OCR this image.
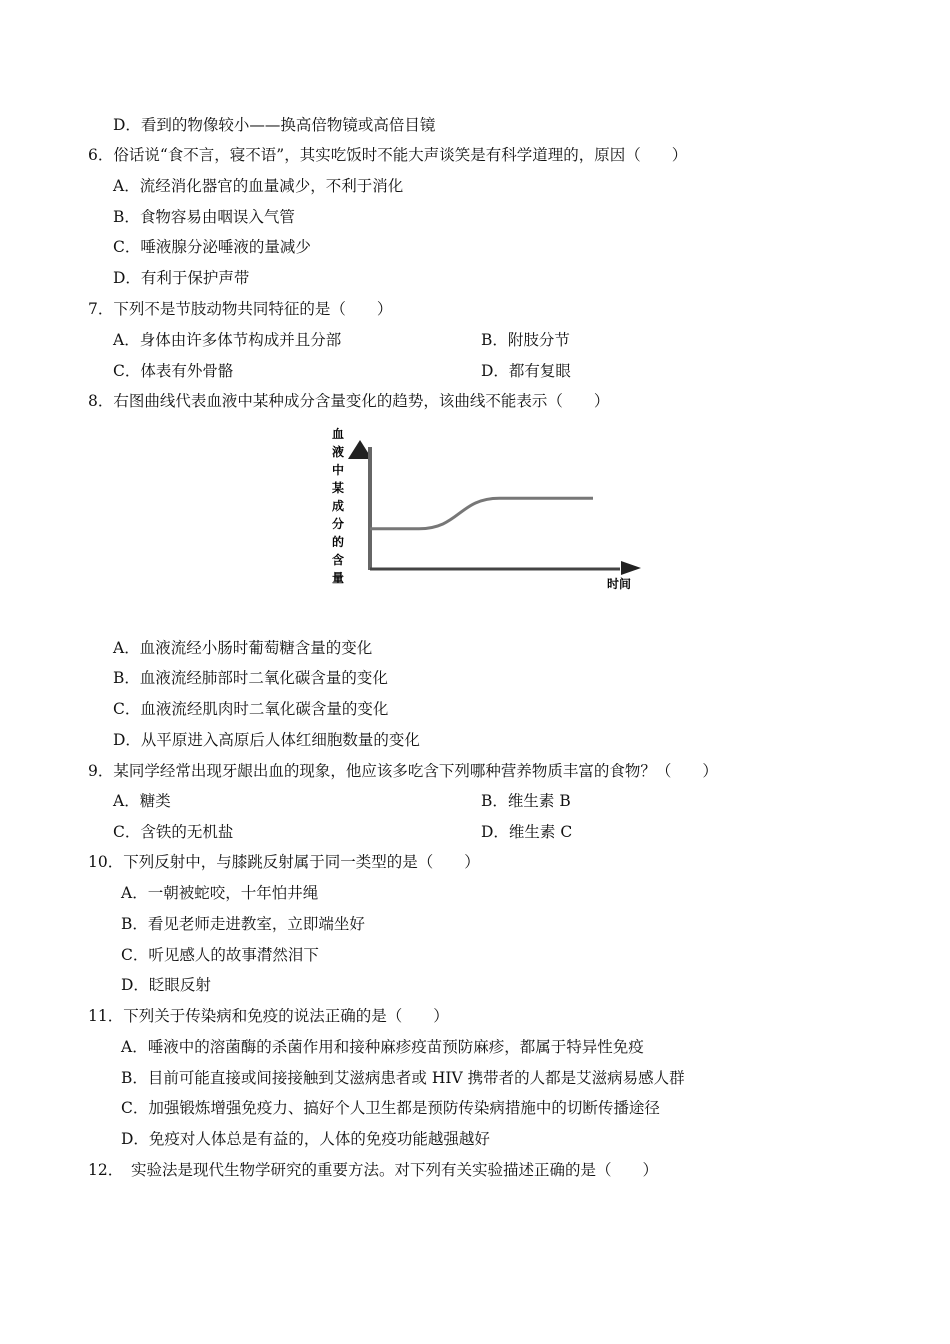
D．看到的物像较小——换高倍物镜或高倍目镜
6．俗话说“食不言，寝不语”，其实吃饭时不能大声谈笑是有科学道理的，原因（　　）
A．流经消化器官的血量减少，不利于消化
B．食物容易由咽误入气管
C．唾液腺分泌唾液的量减少
D．有利于保护声带
7．下列不是节肢动物共同特征的是（　　）
A．身体由许多体节构成并且分部	B．附肢分节
C．体表有外骨骼	D．都有复眼
8．右图曲线代表血液中某种成分含量变化的趋势，该曲线不能表示（　　）
血
液
中
某
成
分
的
含
量	时间
A．血液流经小肠时葡萄糖含量的变化
B．血液流经肺部时二氧化碳含量的变化
C．血液流经肌肉时二氧化碳含量的变化
D．从平原进入高原后人体红细胞数量的变化
9．某同学经常出现牙龈出血的现象，他应该多吃含下列哪种营养物质丰富的食物？（　　）
A．糖类	B．维生素 B
C．含铁的无机盐	D．维生素 C
10．下列反射中，与膝跳反射属于同一类型的是（　　）
A．一朝被蛇咬，十年怕井绳
B．看见老师走进教室，立即端坐好
C．听见感人的故事潸然泪下
D．眨眼反射
11．下列关于传染病和免疫的说法正确的是（　　）
A．唾液中的溶菌酶的杀菌作用和接种麻疹疫苗预防麻疹，都属于特异性免疫
B．目前可能直接或间接接触到艾滋病患者或 HIV 携带者的人都是艾滋病易感人群
C．加强锻炼增强免疫力、搞好个人卫生都是预防传染病措施中的切断传播途径
D．免疫对人体总是有益的，人体的免疫功能越强越好
12．　实验法是现代生物学研究的重要方法。对下列有关实验描述正确的是（　　）
